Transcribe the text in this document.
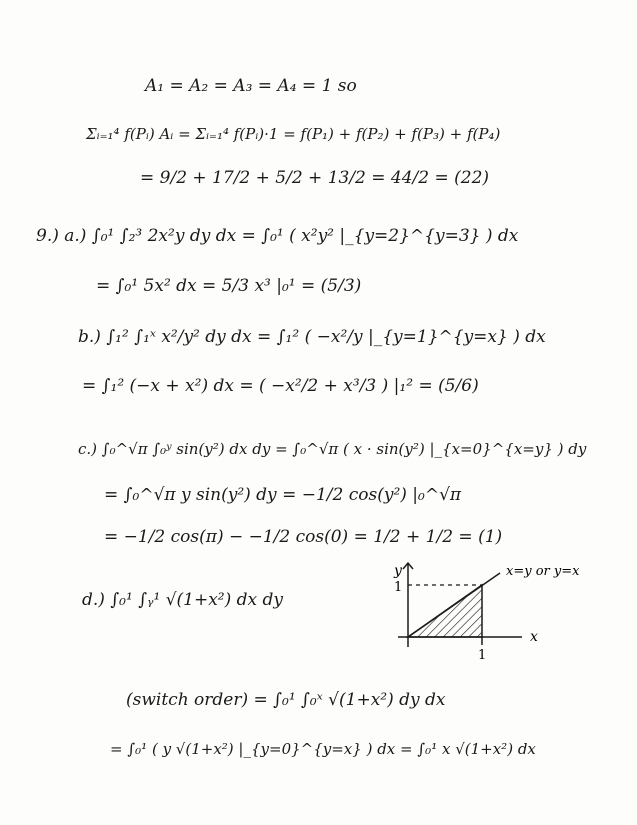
A₁ = A₂ = A₃ = A₄ = 1 so
Σᵢ₌₁⁴ f(Pᵢ) Aᵢ = Σᵢ₌₁⁴ f(Pᵢ)·1 = f(P₁) + f(P₂) + f(P₃) + f(P₄)
= 9/2 + 17/2 + 5/2 + 13/2 = 44/2 = (22)
9.) a.) ∫₀¹ ∫₂³ 2x²y dy dx = ∫₀¹ ( x²y² |_{y=2}^{y=3} ) dx
= ∫₀¹ 5x² dx = 5/3 x³ |₀¹ = (5/3)
b.) ∫₁² ∫₁ˣ x²/y² dy dx = ∫₁² ( −x²/y |_{y=1}^{y=x} ) dx
= ∫₁² (−x + x²) dx = ( −x²/2 + x³/3 ) |₁² = (5/6)
c.) ∫₀^√π ∫₀ʸ sin(y²) dx dy = ∫₀^√π ( x · sin(y²) |_{x=0}^{x=y} ) dy
= ∫₀^√π y sin(y²) dy = −1/2 cos(y²) |₀^√π
= −1/2 cos(π) − −1/2 cos(0) = 1/2 + 1/2 = (1)
d.) ∫₀¹ ∫ᵧ¹ √(1+x²) dx dy
y
1
1
x
x=y or y=x
(switch order) = ∫₀¹ ∫₀ˣ √(1+x²) dy dx
= ∫₀¹ ( y √(1+x²) |_{y=0}^{y=x} ) dx = ∫₀¹ x √(1+x²) dx
